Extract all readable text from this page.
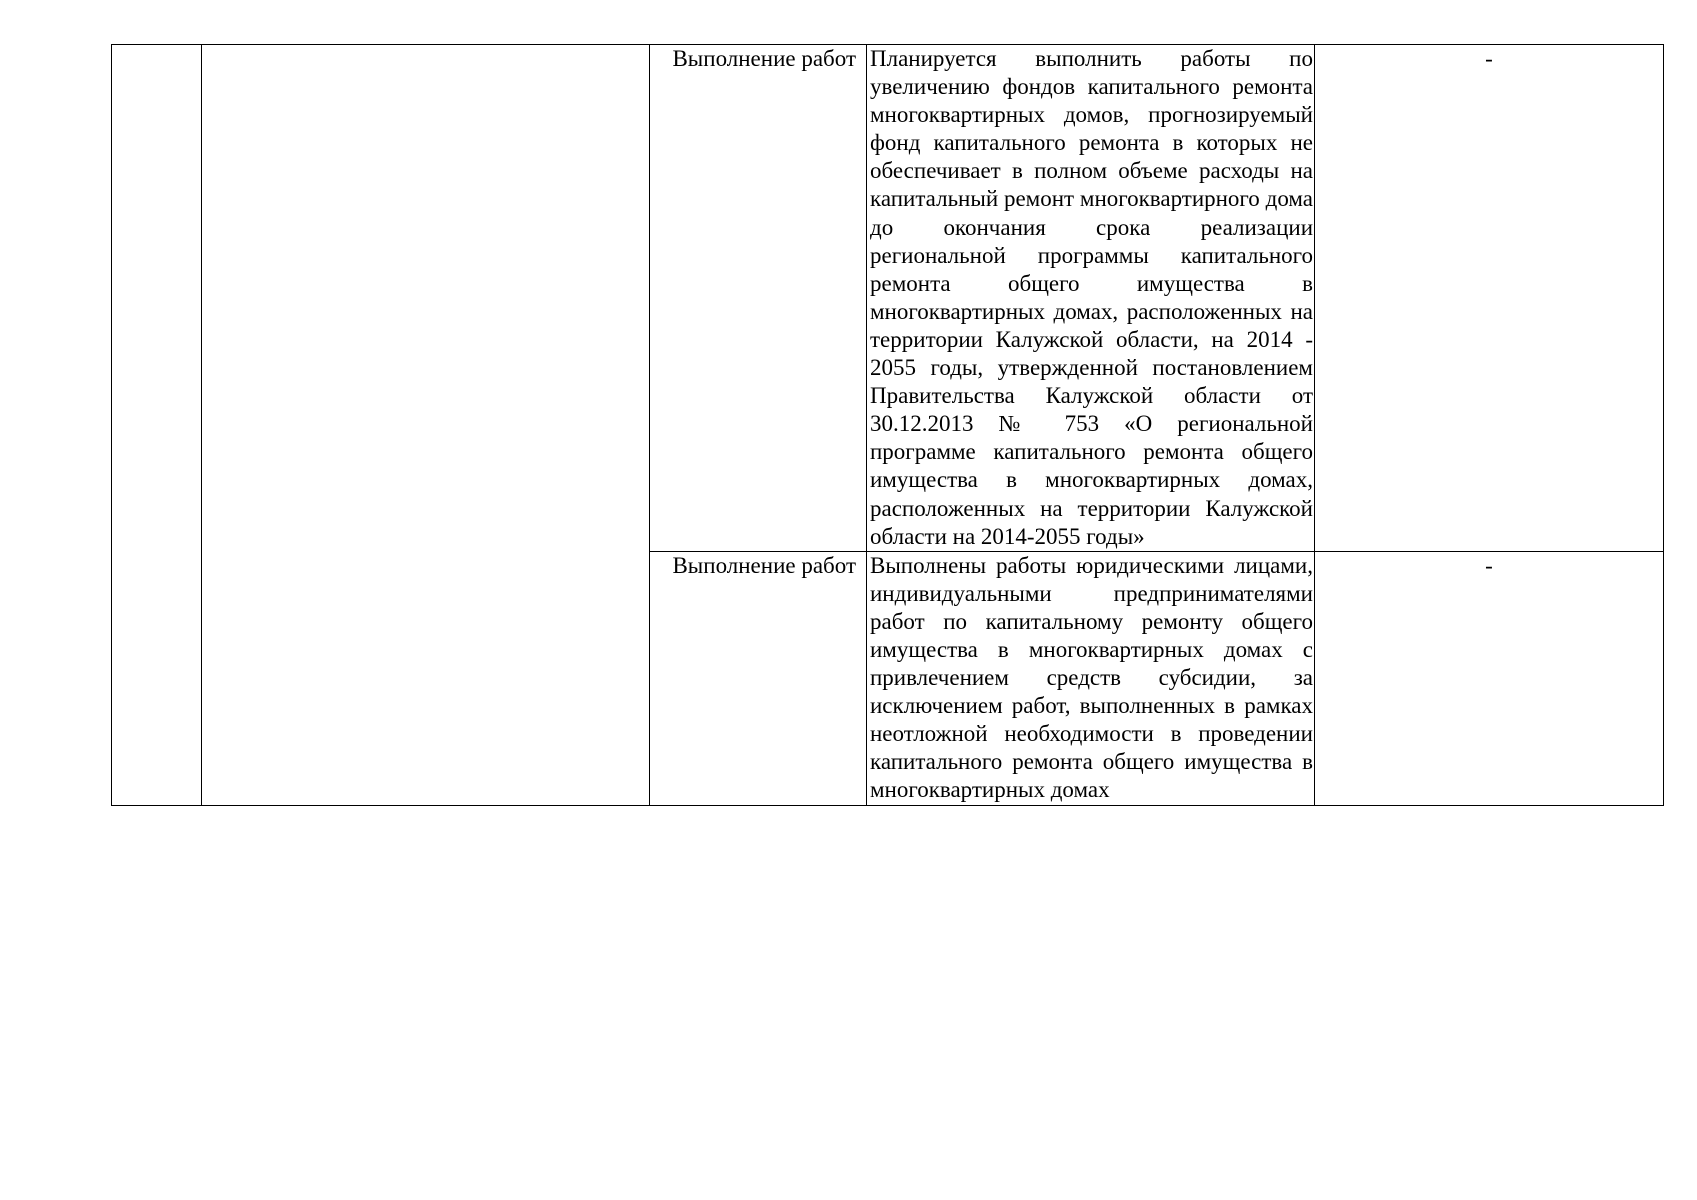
		Выполнение работ	Планируется выполнить работы по увеличению фондов капитального ремонта многоквартирных домов, прогнозируемый фонд капитального ремонта в которых не обеспечивает в полном объеме расходы на капитальный ремонт многоквартирного дома до окончания срока реализации региональной программы капитального ремонта общего имущества в многоквартирных домах, расположенных на территории Калужской области, на 2014 - 2055 годы, утвержденной постановлением Правительства Калужской области от 30.12.2013 № 753 «О региональной программе капитального ремонта общего имущества в многоквартирных домах, расположенных на территории Калужской области на 2014-2055 годы»	-
		Выполнение работ	Выполнены работы юридическими лицами, индивидуальными предпринимателями работ по капитальному ремонту общего имущества в многоквартирных домах с привлечением средств субсидии, за исключением работ, выполненных в рамках неотложной необходимости в проведении капитального ремонта общего имущества в многоквартирных домах	-
